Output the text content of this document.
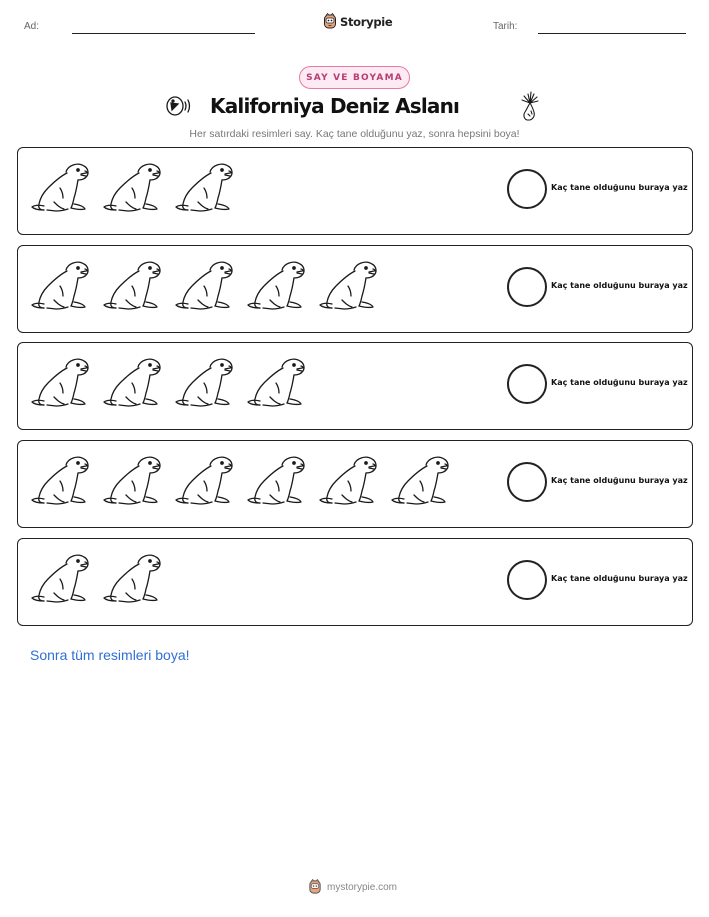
Ad:	Storypie	Tarih:
SAY VE BOYAMA
Kaliforniya Deniz Aslanı

Her satırdaki resimleri say. Kaç tane olduğunu yaz, sonra hepsini boya!

Kaç tane olduğunu buraya yaz
Kaç tane olduğunu buraya yaz
Kaç tane olduğunu buraya yaz
Kaç tane olduğunu buraya yaz
Kaç tane olduğunu buraya yaz

Sonra tüm resimleri boya!

mystorypie.com
